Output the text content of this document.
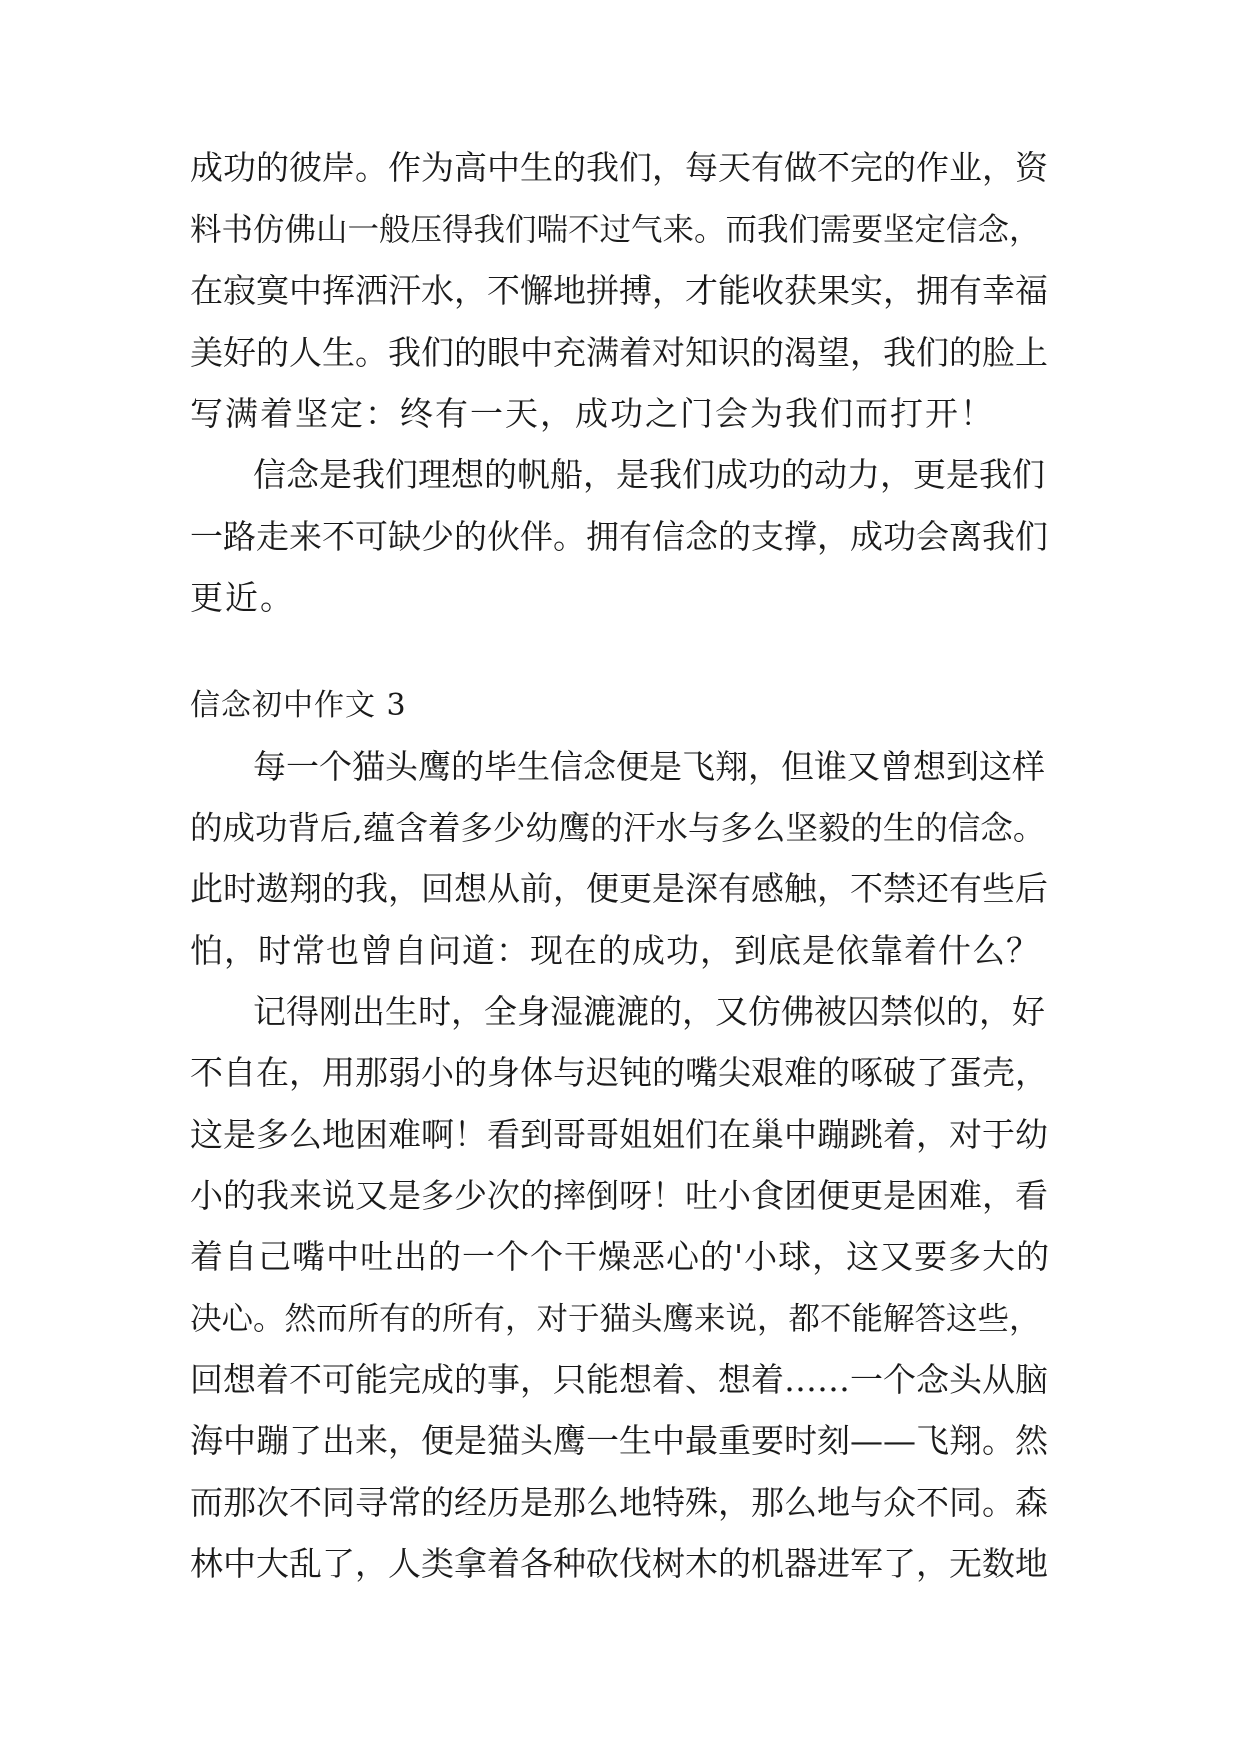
成功的彼岸。作为高中生的我们，每天有做不完的作业，资
料书仿佛山一般压得我们喘不过气来。而我们需要坚定信念，
在寂寞中挥洒汗水，不懈地拼搏，才能收获果实，拥有幸福
美好的人生。我们的眼中充满着对知识的渴望，我们的脸上
写满着坚定：终有一天，成功之门会为我们而打开！
信念是我们理想的帆船，是我们成功的动力，更是我们
一路走来不可缺少的伙伴。拥有信念的支撑，成功会离我们
更近。
信念初中作文 3
每一个猫头鹰的毕生信念便是飞翔，但谁又曾想到这样
的成功背后,蕴含着多少幼鹰的汗水与多么坚毅的生的信念。
此时遨翔的我，回想从前，便更是深有感触，不禁还有些后
怕，时常也曾自问道：现在的成功，到底是依靠着什么？
记得刚出生时，全身湿漉漉的，又仿佛被囚禁似的，好
不自在，用那弱小的身体与迟钝的嘴尖艰难的啄破了蛋壳，
这是多么地困难啊！看到哥哥姐姐们在巢中蹦跳着，对于幼
小的我来说又是多少次的摔倒呀！吐小食团便更是困难，看
着自己嘴中吐出的一个个干燥恶心的'小球，这又要多大的
决心。然而所有的所有，对于猫头鹰来说，都不能解答这些，
回想着不可能完成的事，只能想着、想着……一个念头从脑
海中蹦了出来，便是猫头鹰一生中最重要时刻——飞翔。然
而那次不同寻常的经历是那么地特殊，那么地与众不同。森
林中大乱了，人类拿着各种砍伐树木的机器进军了，无数地
